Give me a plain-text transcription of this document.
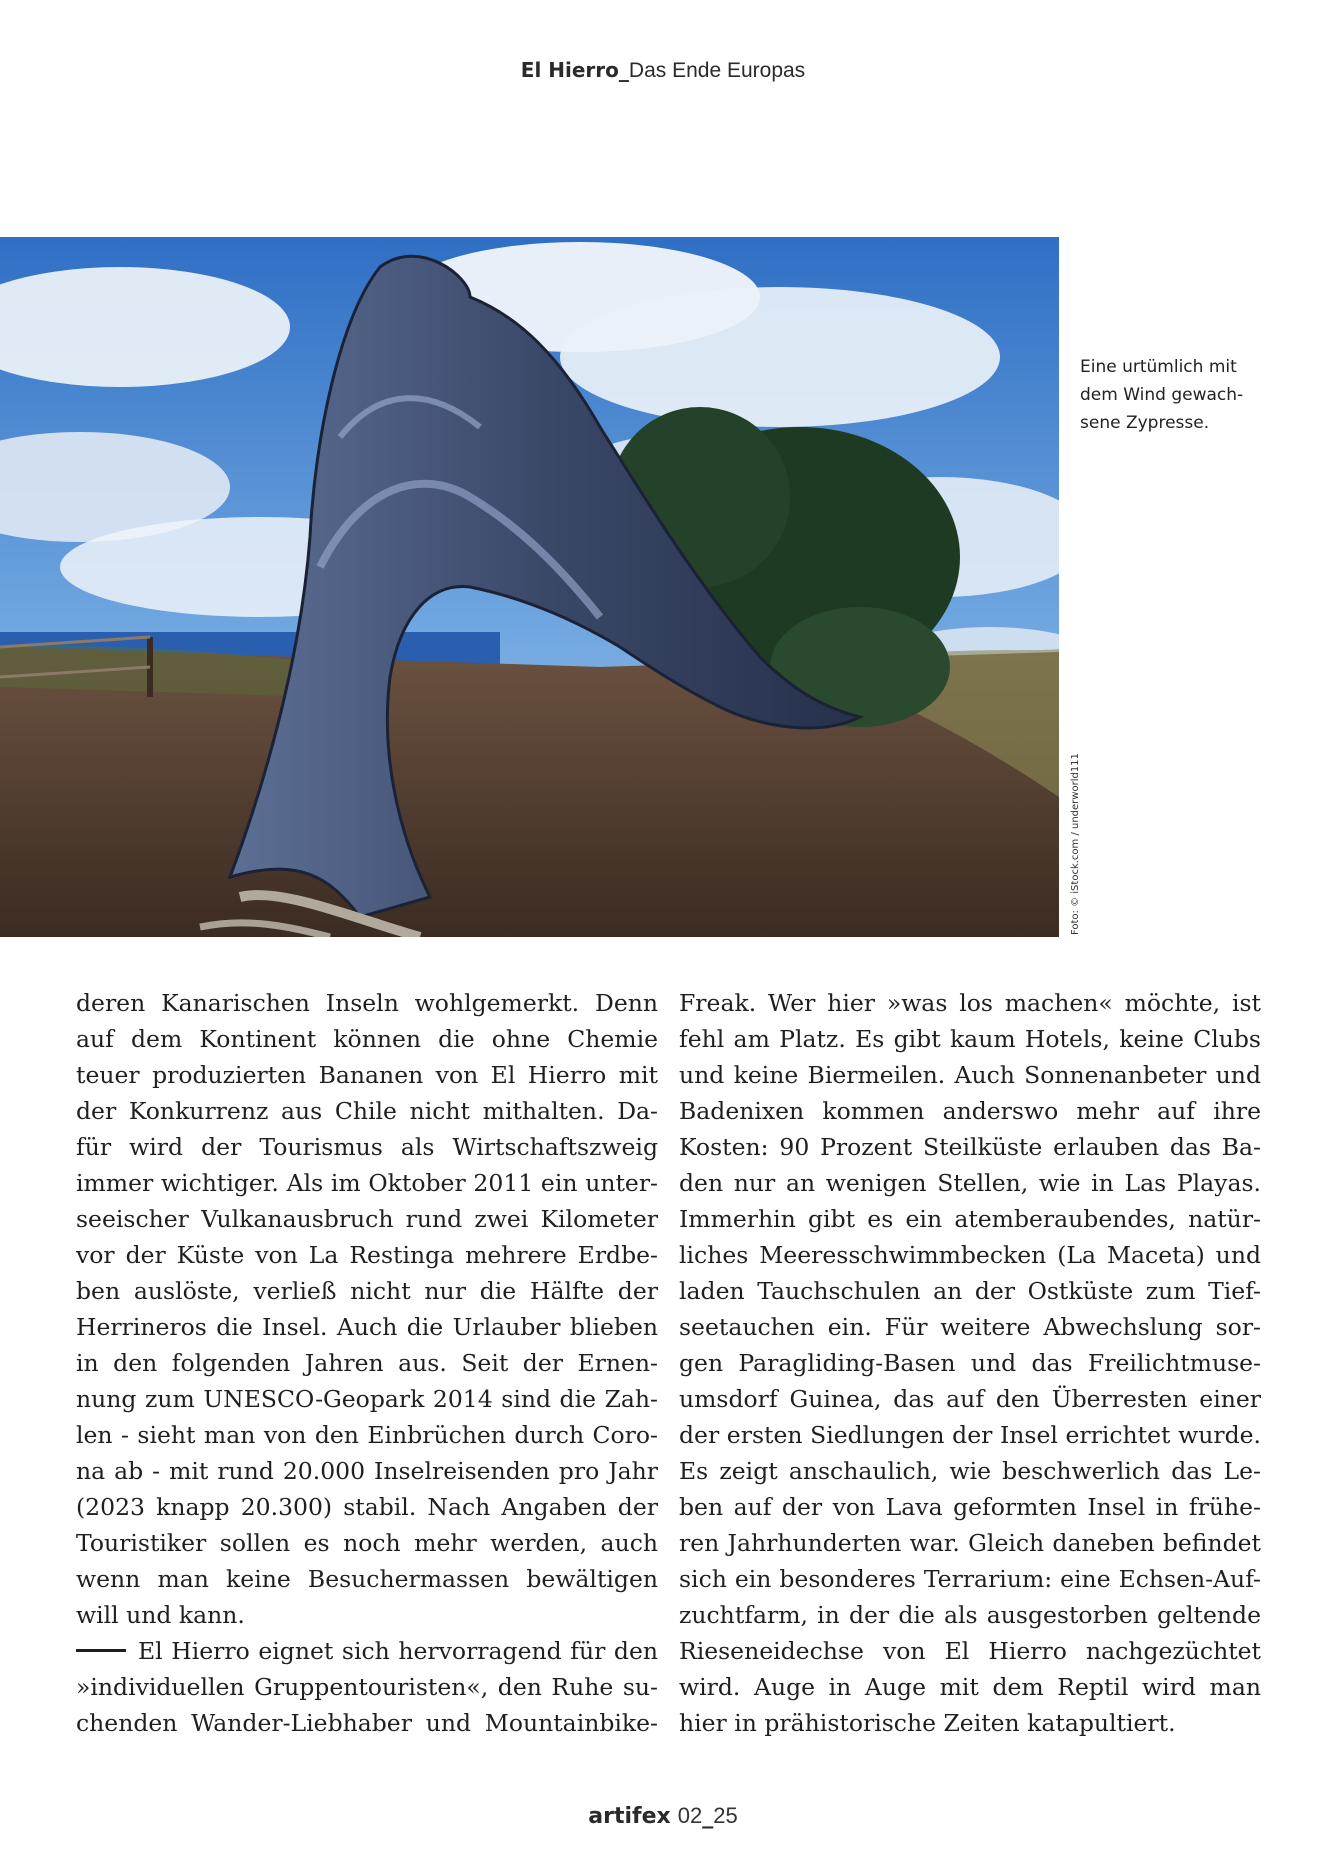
El Hierro_Das Ende Europas
Eine urtümlich mit
dem Wind gewach-
sene Zypresse.
Foto: © iStock.com / underworld111

deren Kanarischen Inseln wohlgemerkt. Denn

auf dem Kontinent können die ohne Chemie

teuer produzierten Bananen von El Hierro mit

der Konkurrenz aus Chile nicht mithalten. Da-

für wird der Tourismus als Wirtschaftszweig

immer wichtiger. Als im Oktober 2011 ein unter-

seeischer Vulkanausbruch rund zwei Kilometer

vor der Küste von La Restinga mehrere Erdbe-

ben auslöste, verließ nicht nur die Hälfte der

Herrineros die Insel. Auch die Urlauber blieben

in den folgenden Jahren aus. Seit der Ernen-

nung zum UNESCO-Geopark 2014 sind die Zah-

len - sieht man von den Einbrüchen durch Coro-

na ab - mit rund 20.000 Inselreisenden pro Jahr

(2023 knapp 20.300) stabil. Nach Angaben der

Touristiker sollen es noch mehr werden, auch

wenn man keine Besuchermassen bewältigen

will und kann.

El Hierro eignet sich hervorragend für den

»individuellen Gruppentouristen«, den Ruhe su-

chenden Wander-Liebhaber und Mountainbike-

Freak. Wer hier »was los machen« möchte, ist

fehl am Platz. Es gibt kaum Hotels, keine Clubs

und keine Biermeilen. Auch Sonnenanbeter und

Badenixen kommen anderswo mehr auf ihre

Kosten: 90 Prozent Steilküste erlauben das Ba-

den nur an wenigen Stellen, wie in Las Playas.

Immerhin gibt es ein atemberaubendes, natür-

liches Meeresschwimmbecken (La Maceta) und

laden Tauchschulen an der Ostküste zum Tief-

seetauchen ein. Für weitere Abwechslung sor-

gen Paragliding-Basen und das Freilichtmuse-

umsdorf Guinea, das auf den Überresten einer

der ersten Siedlungen der Insel errichtet wurde.

Es zeigt anschaulich, wie beschwerlich das Le-

ben auf der von Lava geformten Insel in frühe-

ren Jahrhunderten war. Gleich daneben befindet

sich ein besonderes Terrarium: eine Echsen-Auf-

zuchtfarm, in der die als ausgestorben geltende

Rieseneidechse von El Hierro nachgezüchtet

wird. Auge in Auge mit dem Reptil wird man

hier in prähistorische Zeiten katapultiert.

artifex 02_25
